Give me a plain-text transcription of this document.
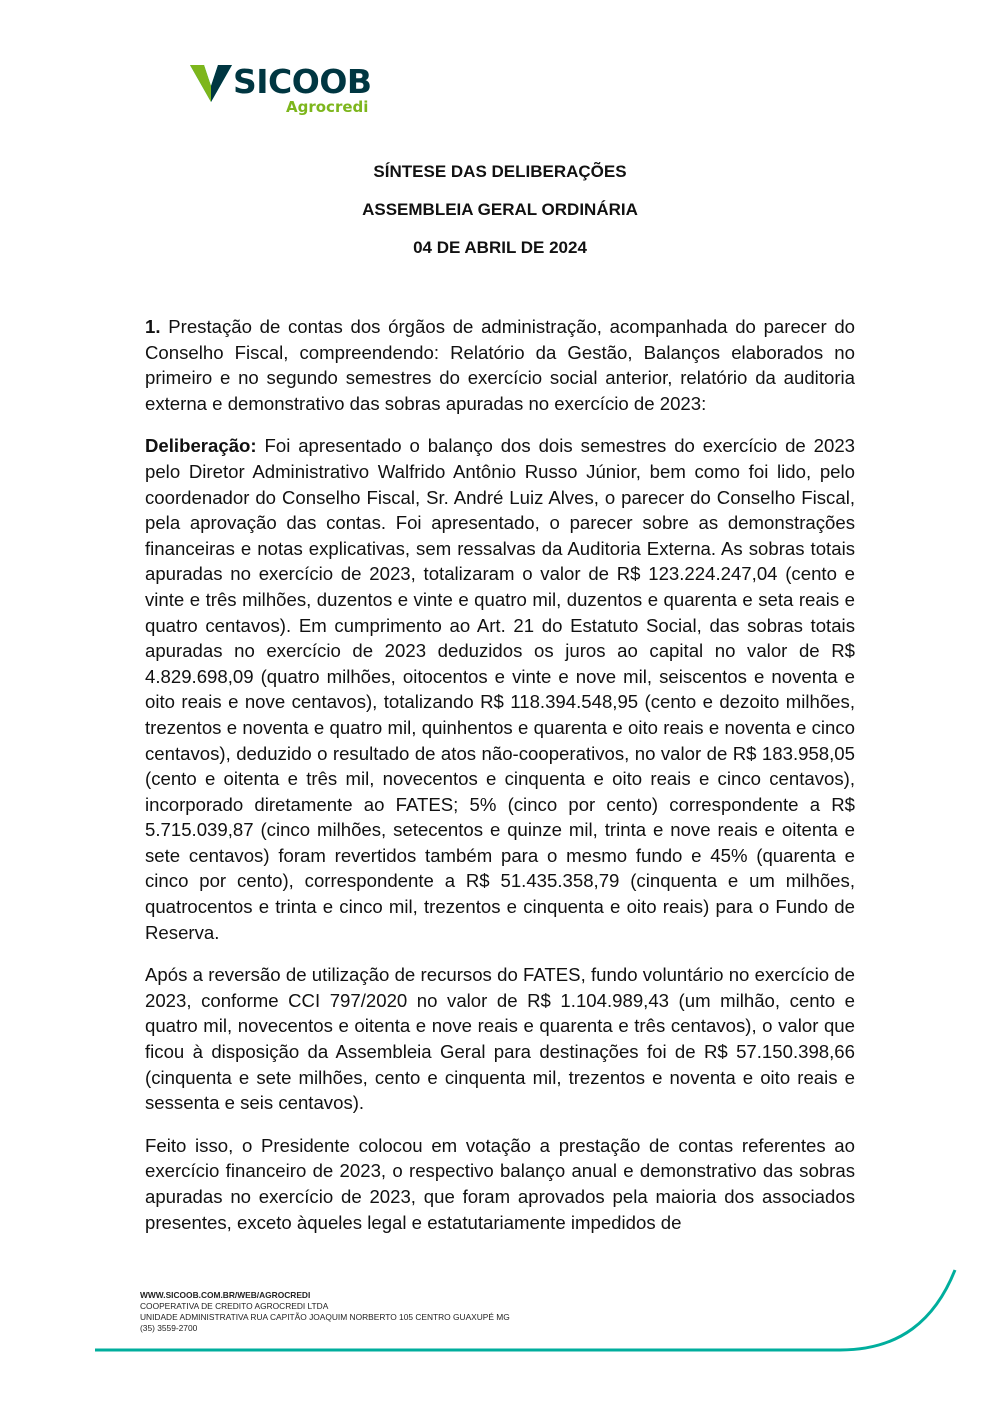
SICOOB
Agrocredi

SÍNTESE DAS DELIBERAÇÕES

ASSEMBLEIA GERAL ORDINÁRIA

04 DE ABRIL DE 2024

1. Prestação de contas dos órgãos de administração, acompanhada do parecer do Conselho Fiscal, compreendendo: Relatório da Gestão, Balanços elaborados no primeiro e no segundo semestres do exercício social anterior, relatório da auditoria externa e demonstrativo das sobras apuradas no exercício de 2023:

Deliberação: Foi apresentado o balanço dos dois semestres do exercício de 2023 pelo Diretor Administrativo Walfrido Antônio Russo Júnior, bem como foi lido, pelo coordenador do Conselho Fiscal, Sr. André Luiz Alves, o parecer do Conselho Fiscal, pela aprovação das contas. Foi apresentado, o parecer sobre as demonstrações financeiras e notas explicativas, sem ressalvas da Auditoria Externa. As sobras totais apuradas no exercício de 2023, totalizaram o valor de R$ 123.224.247,04 (cento e vinte e três milhões, duzentos e vinte e quatro mil, duzentos e quarenta e seta reais e quatro centavos). Em cumprimento ao Art. 21 do Estatuto Social, das sobras totais apuradas no exercício de 2023 deduzidos os juros ao capital no valor de R$ 4.829.698,09 (quatro milhões, oitocentos e vinte e nove mil, seiscentos e noventa e oito reais e nove centavos), totalizando R$ 118.394.548,95 (cento e dezoito milhões, trezentos e noventa e quatro mil, quinhentos e quarenta e oito reais e noventa e cinco centavos), deduzido o resultado de atos não-cooperativos, no valor de R$ 183.958,05 (cento e oitenta e três mil, novecentos e cinquenta e oito reais e cinco centavos), incorporado diretamente ao FATES; 5% (cinco por cento) correspondente a R$ 5.715.039,87 (cinco milhões, setecentos e quinze mil, trinta e nove reais e oitenta e sete centavos) foram revertidos também para o mesmo fundo e 45% (quarenta e cinco por cento), correspondente a R$ 51.435.358,79 (cinquenta e um milhões, quatrocentos e trinta e cinco mil, trezentos e cinquenta e oito reais) para o Fundo de Reserva.

Após a reversão de utilização de recursos do FATES, fundo voluntário no exercício de 2023, conforme CCI 797/2020 no valor de R$ 1.104.989,43 (um milhão, cento e quatro mil, novecentos e oitenta e nove reais e quarenta e três centavos), o valor que ficou à disposição da Assembleia Geral para destinações foi de R$ 57.150.398,66 (cinquenta e sete milhões, cento e cinquenta mil, trezentos e noventa e oito reais e sessenta e seis centavos).

Feito isso, o Presidente colocou em votação a prestação de contas referentes ao exercício financeiro de 2023, o respectivo balanço anual e demonstrativo das sobras apuradas no exercício de 2023, que foram aprovados pela maioria dos associados presentes, exceto àqueles legal e estatutariamente impedidos de

WWW.SICOOB.COM.BR/WEB/AGROCREDI
COOPERATIVA DE CREDITO AGROCREDI LTDA
UNIDADE ADMINISTRATIVA RUA CAPITÃO JOAQUIM NORBERTO 105 CENTRO GUAXUPÉ MG
(35) 3559-2700
